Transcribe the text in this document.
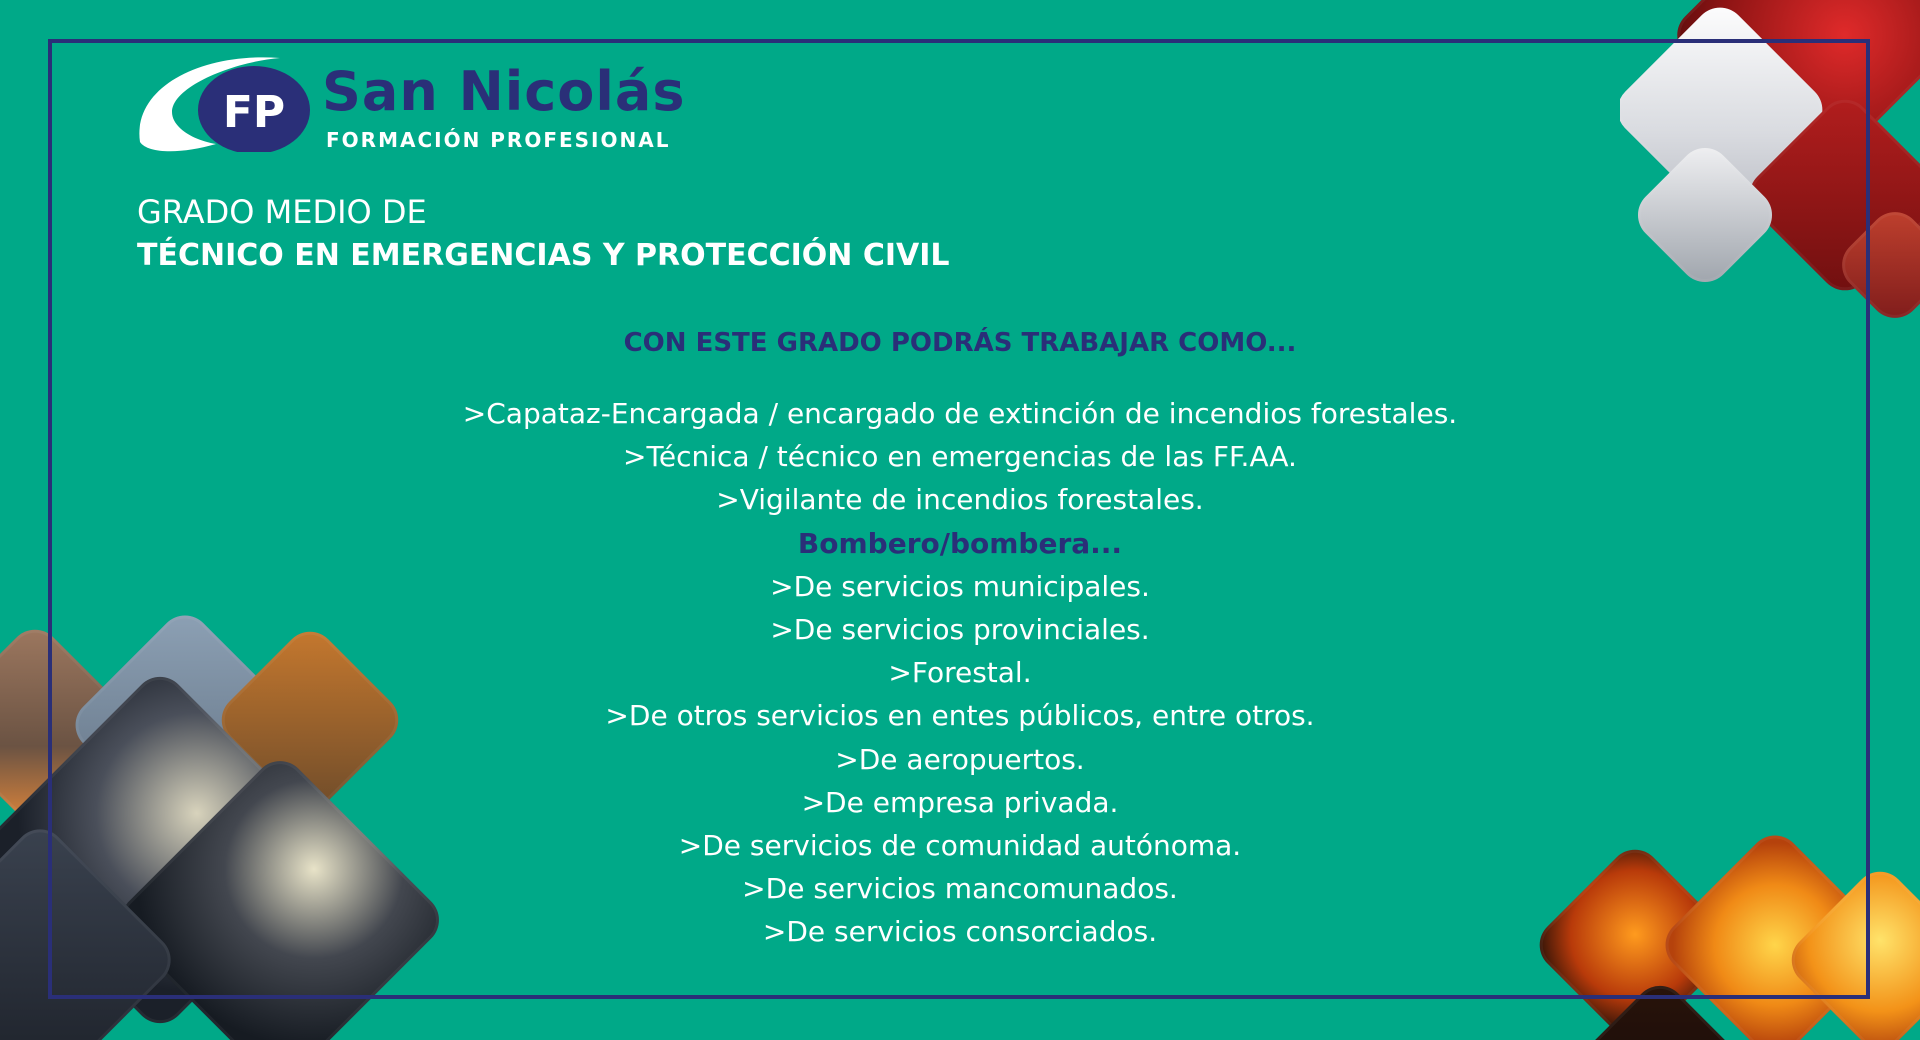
FP San Nicolás
FORMACIÓN PROFESIONAL
GRADO MEDIO DE
TÉCNICO EN EMERGENCIAS Y PROTECCIÓN CIVIL
CON ESTE GRADO PODRÁS TRABAJAR COMO...
>Capataz-Encargada / encargado de extinción de incendios forestales.
>Técnica / técnico en emergencias de las FF.AA.
>Vigilante de incendios forestales.
Bombero/bombera...
>De servicios municipales.
>De servicios provinciales.
>Forestal.
>De otros servicios en entes públicos, entre otros.
>De aeropuertos.
>De empresa privada.
>De servicios de comunidad autónoma.
>De servicios mancomunados.
>De servicios consorciados.
